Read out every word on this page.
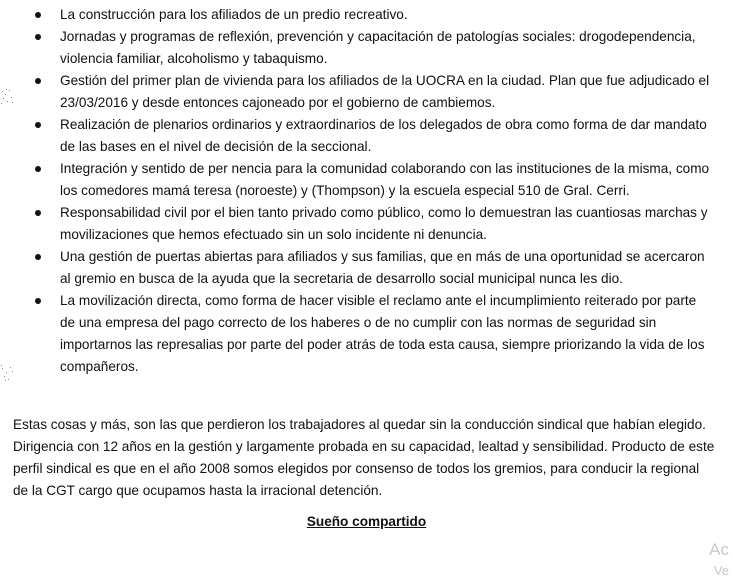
La construcción para los afiliados de un predio recreativo.
Jornadas y programas de reflexión, prevención y capacitación de patologías sociales: drogodependencia, violencia familiar, alcoholismo y tabaquismo.
Gestión del primer plan de vivienda para los afiliados de la UOCRA en la ciudad. Plan que fue adjudicado el 23/03/2016 y desde entonces cajoneado por el gobierno de cambiemos.
Realización de plenarios ordinarios y extraordinarios de los delegados de obra como forma de dar mandato de las bases en el nivel de decisión de la seccional.
Integración y sentido de per nencia para la comunidad colaborando con las instituciones de la misma, como los comedores mamá teresa (noroeste) y (Thompson) y la escuela especial 510 de Gral. Cerri.
Responsabilidad civil por el bien tanto privado como público, como lo demuestran las cuantiosas marchas y movilizaciones que hemos efectuado sin un solo incidente ni denuncia.
Una gestión de puertas abiertas para afiliados y sus familias, que en más de una oportunidad se acercaron al gremio en busca de la ayuda que la secretaria de desarrollo social municipal nunca les dio.
La movilización directa, como forma de hacer visible el reclamo ante el incumplimiento reiterado por parte de una empresa del pago correcto de los haberes o de no cumplir con las normas de seguridad sin importarnos las represalias por parte del poder atrás de toda esta causa, siempre priorizando la vida de los compañeros.

Estas cosas y más, son las que perdieron los trabajadores al quedar sin la conducción sindical que habían elegido. Dirigencia con 12 años en la gestión y largamente probada en su capacidad, lealtad y sensibilidad. Producto de este perfil sindical es que en el año 2008 somos elegidos por consenso de todos los gremios, para conducir la regional de la CGT cargo que ocupamos hasta la irracional detención.

Sueño compartido

Ac
Ve
